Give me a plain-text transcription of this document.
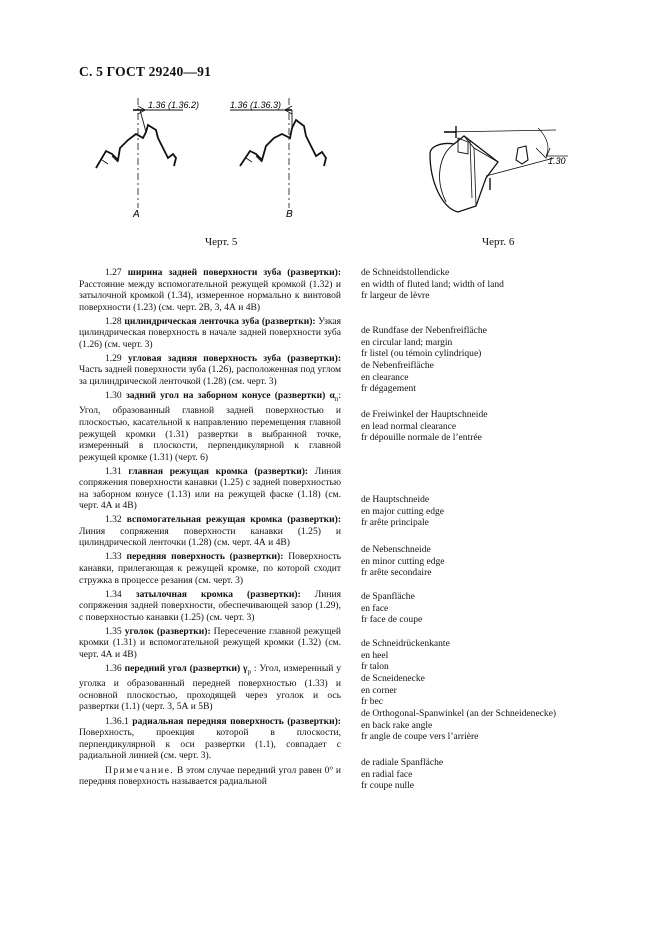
С. 5 ГОСТ 29240—91
1.36 (1.36.2)
А
1.36 (1.36.3)
В
Черт. 5
1.30
Черт. 6

1.27 ширина задней поверхности зуба (развертки): Расстояние между вспомогательной режущей кромкой (1.32) и затылочной кромкой (1.34), измеренное нормально к винтовой поверхности (1.23) (см. черт. 2В, 3, 4А и 4В)

1.28 цилиндрическая ленточка зуба (развертки): Узкая цилиндрическая поверхность в начале задней поверхности зуба (1.26) (см. черт. 3)

1.29 угловая задняя поверхность зуба (развертки): Часть задней поверхности зуба (1.26), расположенная под углом за цилиндрической ленточкой (1.28) (см. черт. 3)

1.30 задний угол на заборном конусе (развертки) $\alpha_n$: Угол, образованный главной задней поверхностью и плоскостью, касательной к направлению перемещения главной режущей кромки (1.31) развертки в выбранной точке, измеренный в плоскости, перпендикулярной к главной режущей кромке (1.31) (черт. 6)

1.31 главная режущая кромка (развертки): Линия сопряжения поверхности канавки (1.25) с задней поверхностью на заборном конусе (1.13) или на режущей фаске (1.18) (см. черт. 4А и 4В)

1.32 вспомогательная режущая кромка (развертки): Линия сопряжения поверхности канавки (1.25) и цилиндрической ленточки (1.28) (см. черт. 4А и 4В)

1.33 передняя поверхность (развертки): Поверхность канавки, прилегающая к режущей кромке, по которой сходит стружка в процессе резания (см. черт. 3)

1.34 затылочная кромка (развертки): Линия сопряжения задней поверхности, обеспечивающей зазор (1.29), с поверхностью канавки (1.25) (см. черт. 3)

1.35 уголок (развертки): Пересечение главной режущей кромки (1.31) и вспомогательной режущей кромки (1.32) (см. черт. 4А и 4В)

1.36 передний угол (развертки) $\gamma_p$ : Угол, измеренный у уголка и образованный передней поверхностью (1.33) и основной плоскостью, проходящей через уголок и ось развертки (1.1) (черт. 3, 5А и 5В)

1.36.1 радиальная передняя поверхность (развертки): Поверхность, проекция которой в плоскости, перпендикулярной к оси развертки (1.1), совпадает с радиальной линией (см. черт. 3).

Примечание. В этом случае передний угол равен 0° и передняя поверхность называется радиальной

de Schneidstollendicke
en width of fluted land; width of land
fr largeur de lèvre
de Rundfase der Nebenfreifläche
en circular land; margin
fr listel (ou témoin cylindrique)
de Nebenfreifläche
en clearance
fr dégagement
de Freiwinkel der Hauptschneide
en lead normal clearance
fr dépouille normale de l’entrée
de Hauptschneide
en major cutting edge
fr arête principale
de Nebenschneide
en minor cutting edge
fr arête secondaire
de Spanfläche
en face
fr face de coupe
de Schneidrückenkante
en heel
fr talon
de Sсneidenecke
en corner
fr bec
de Orthogonal-Spanwinkel (an der Schneidenecke)
en back rake angle
fr angle de coupe vers l’arrière
de radiale Spanfläche
en radial face
fr coupe nulle
